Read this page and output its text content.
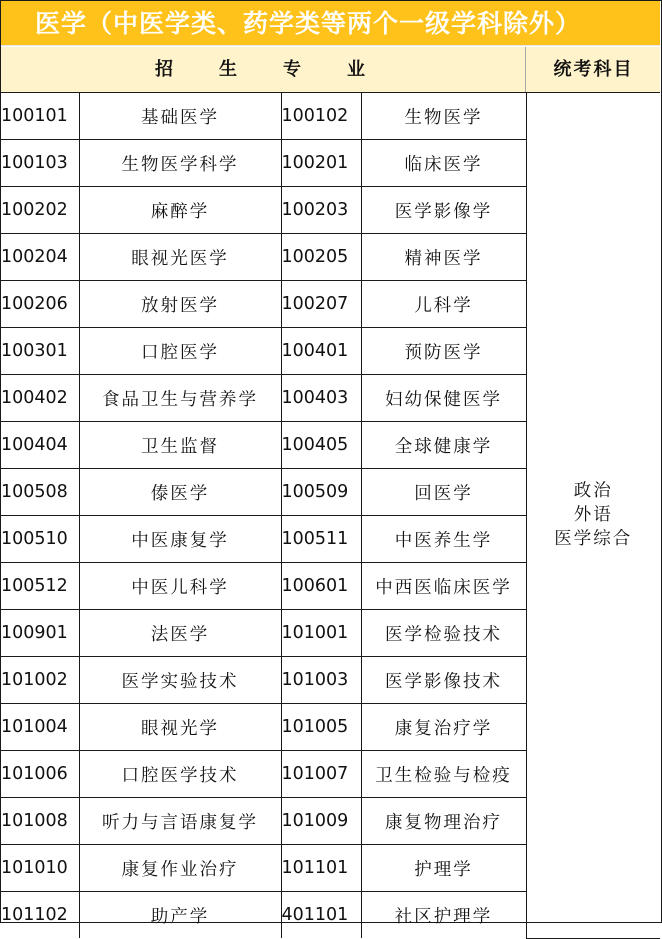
医学（中医学类、药学类等两个一级学科除外）
招生专业	统考科目
100101	基础医学	100102	生物医学	政治
外语
医学综合

100103	生物医学科学	100201	临床医学	
100202	麻醉学	100203	医学影像学	
100204	眼视光医学	100205	精神医学	
100206	放射医学	100207	儿科学	
100301	口腔医学	100401	预防医学	
100402	食品卫生与营养学	100403	妇幼保健医学	
100404	卫生监督	100405	全球健康学	
100508	傣医学	100509	回医学	
100510	中医康复学	100511	中医养生学	
100512	中医儿科学	100601	中西医临床医学	
100901	法医学	101001	医学检验技术	
101002	医学实验技术	101003	医学影像技术	
101004	眼视光学	101005	康复治疗学	
101006	口腔医学技术	101007	卫生检验与检疫	
101008	听力与言语康复学	101009	康复物理治疗	
101010	康复作业治疗	101101	护理学	
101102	助产学	401101	社区护理学	
